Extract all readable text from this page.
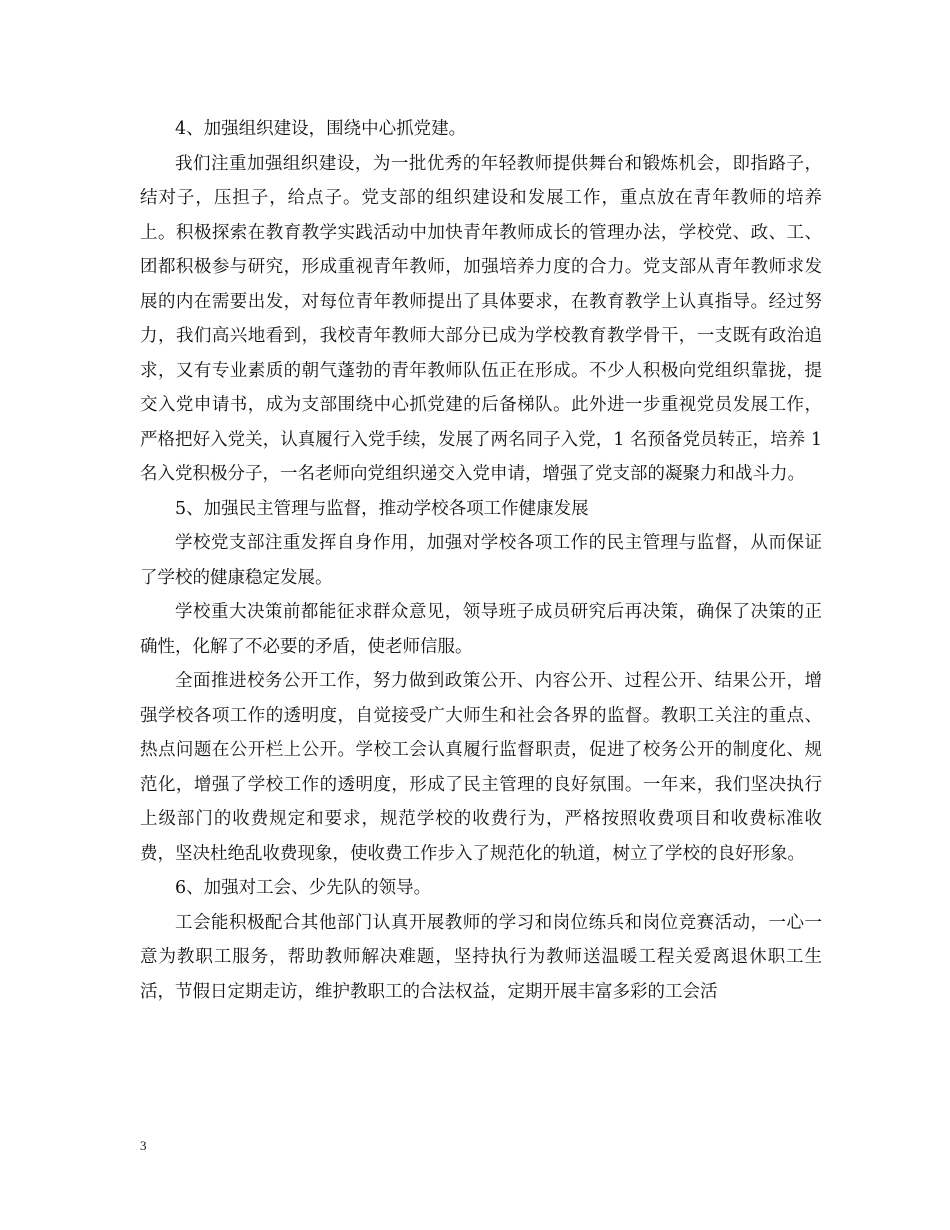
4、加强组织建设，围绕中心抓党建。

我们注重加强组织建设，为一批优秀的年轻教师提供舞台和锻炼机会，即指路子，结对子，压担子，给点子。党支部的组织建设和发展工作，重点放在青年教师的培养上。积极探索在教育教学实践活动中加快青年教师成长的管理办法，学校党、政、工、团都积极参与研究，形成重视青年教师，加强培养力度的合力。党支部从青年教师求发展的内在需要出发，对每位青年教师提出了具体要求，在教育教学上认真指导。经过努力，我们高兴地看到，我校青年教师大部分已成为学校教育教学骨干，一支既有政治追求，又有专业素质的朝气蓬勃的青年教师队伍正在形成。不少人积极向党组织靠拢，提交入党申请书，成为支部围绕中心抓党建的后备梯队。此外进一步重视党员发展工作，严格把好入党关，认真履行入党手续，发展了两名同子入党，1 名预备党员转正，培养 1 名入党积极分子，一名老师向党组织递交入党申请，增强了党支部的凝聚力和战斗力。

5、加强民主管理与监督，推动学校各项工作健康发展

学校党支部注重发挥自身作用，加强对学校各项工作的民主管理与监督，从而保证了学校的健康稳定发展。

学校重大决策前都能征求群众意见，领导班子成员研究后再决策，确保了决策的正确性，化解了不必要的矛盾，使老师信服。

全面推进校务公开工作，努力做到政策公开、内容公开、过程公开、结果公开，增强学校各项工作的透明度，自觉接受广大师生和社会各界的监督。教职工关注的重点、热点问题在公开栏上公开。学校工会认真履行监督职责，促进了校务公开的制度化、规范化，增强了学校工作的透明度，形成了民主管理的良好氛围。一年来，我们坚决执行上级部门的收费规定和要求，规范学校的收费行为，严格按照收费项目和收费标准收费，坚决杜绝乱收费现象，使收费工作步入了规范化的轨道，树立了学校的良好形象。

6、加强对工会、少先队的领导。

工会能积极配合其他部门认真开展教师的学习和岗位练兵和岗位竞赛活动，一心一意为教职工服务，帮助教师解决难题，坚持执行为教师送温暖工程关爱离退休职工生活，节假日定期走访，维护教职工的合法权益，定期开展丰富多彩的工会活

3
